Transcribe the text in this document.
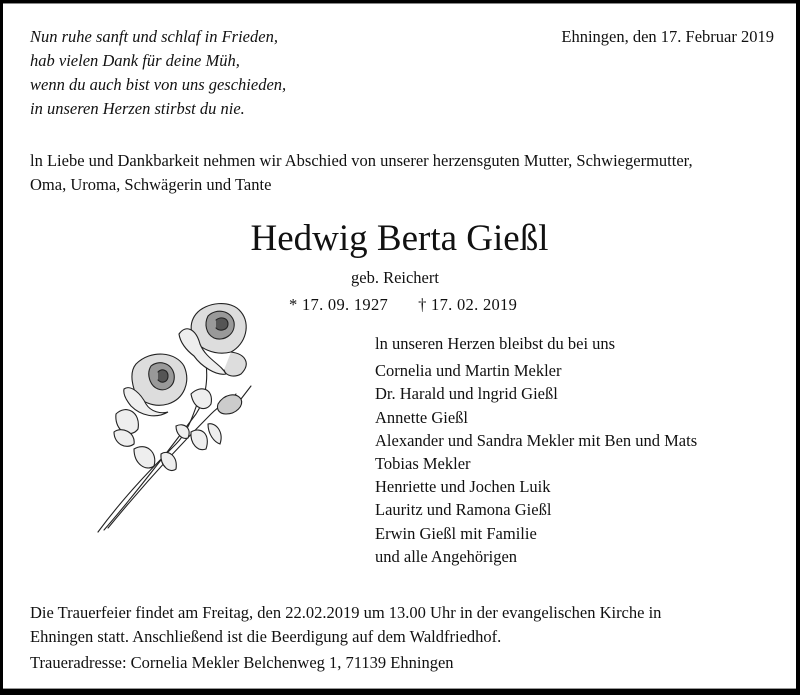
Nun ruhe sanft und schlaf in Frieden,
hab vielen Dank für deine Müh,
wenn du auch bist von uns geschieden,
in unseren Herzen stirbst du nie.
Ehningen, den 17. Februar 2019
ln Liebe und Dankbarkeit nehmen wir Abschied von unserer herzensguten Mutter, Schwiegermutter,
Oma, Uroma, Schwägerin und Tante
Hedwig Berta Gießl
geb. Reichert
* 17. 09. 1927 † 17. 02. 2019
ln unseren Herzen bleibst du bei uns
Cornelia und Martin Mekler
Dr. Harald und lngrid Gießl
Annette Gießl
Alexander und Sandra Mekler mit Ben und Mats
Tobias Mekler
Henriette und Jochen Luik
Lauritz und Ramona Gießl
Erwin Gießl mit Familie
und alle Angehörigen
Die Trauerfeier findet am Freitag, den 22.02.2019 um 13.00 Uhr in der evangelischen Kirche in
Ehningen statt. Anschließend ist die Beerdigung auf dem Waldfriedhof.
Traueradresse: Cornelia Mekler Belchenweg 1, 71139 Ehningen
